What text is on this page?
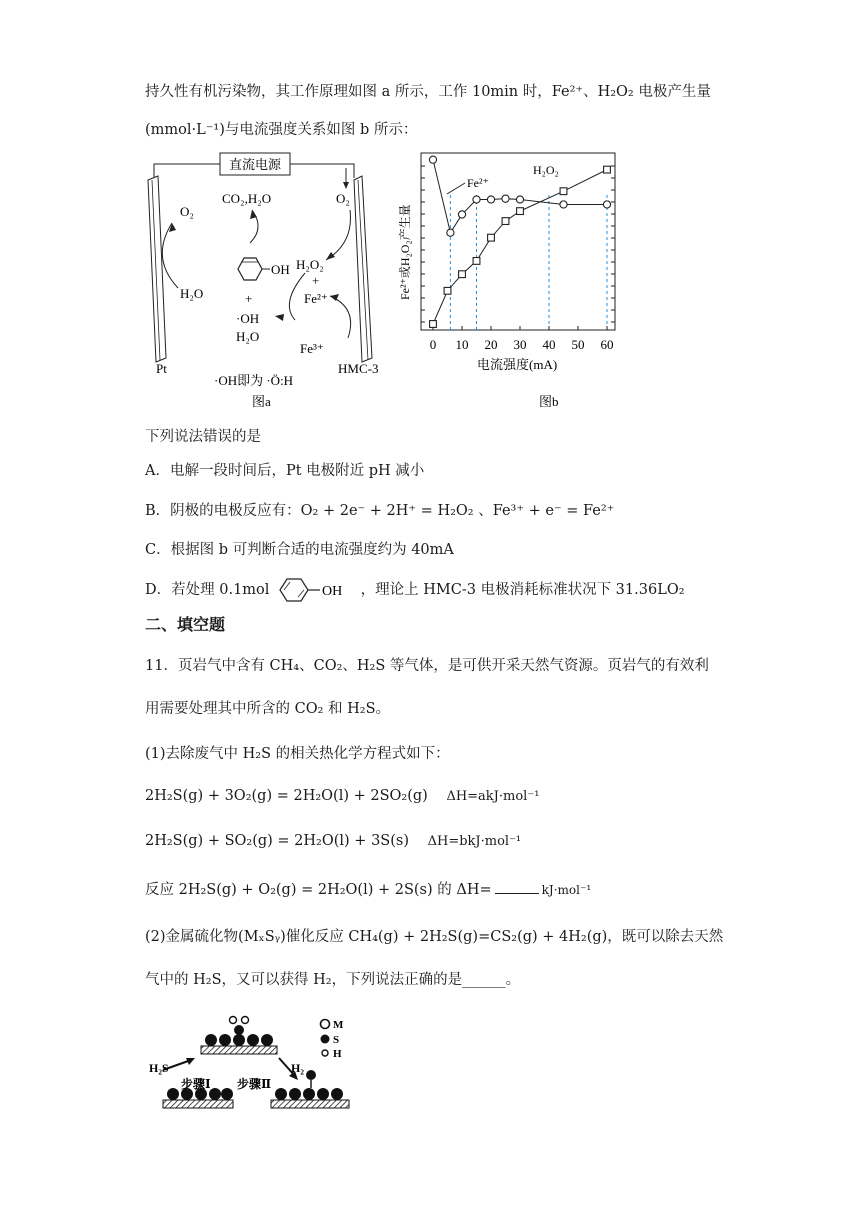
持久性有机污染物，其工作原理如图 a 所示，工作 10min 时，Fe²⁺、H₂O₂ 电极产生量
(mmol·L⁻¹)与电流强度关系如图 b 所示：
直流电源
O₂
H₂O
CO₂,H₂O
OH
+
·OH
H₂O
O₂
H₂O₂
+
Fe²⁺
Fe³⁺
Pt	HMC-3
·OH即为 ·Ö:H
图a
0 10 20 30 40 50 60
Fe²⁺或H₂O₂产生量
电流强度(mA)
Fe²⁺
H₂O₂
图b
下列说法错误的是
A．电解一段时间后，Pt 电极附近 pH 减小
B．阴极的电极反应有：O₂ + 2e⁻ + 2H⁺ = H₂O₂ 、Fe³⁺ + e⁻ = Fe²⁺
C．根据图 b 可判断合适的电流强度约为 40mA
D．若处理 0.1mol	OH ，理论上 HMC-3 电极消耗标准状况下 31.36LO₂
二、填空题
11．页岩气中含有 CH₄、CO₂、H₂S 等气体，是可供开采天然气资源。页岩气的有效利
用需要处理其中所含的 CO₂ 和 H₂S。
(1)去除废气中 H₂S 的相关热化学方程式如下：
2H₂S(g) + 3O₂(g) = 2H₂O(l) + 2SO₂(g) ΔH=akJ·mol⁻¹
2H₂S(g) + SO₂(g) = 2H₂O(l) + 3S(s) ΔH=bkJ·mol⁻¹
反应 2H₂S(g) + O₂(g) = 2H₂O(l) + 2S(s) 的 ΔH=	kJ·mol⁻¹
(2)金属硫化物(MₓSᵧ)催化反应 CH₄(g) + 2H₂S(g)=CS₂(g) + 4H₂(g)，既可以除去天然
气中的 H₂S，又可以获得 H₂，下列说法正确的是______。
H₂S	H₂
步骤Ⅰ 步骤Ⅱ
M
S
H
